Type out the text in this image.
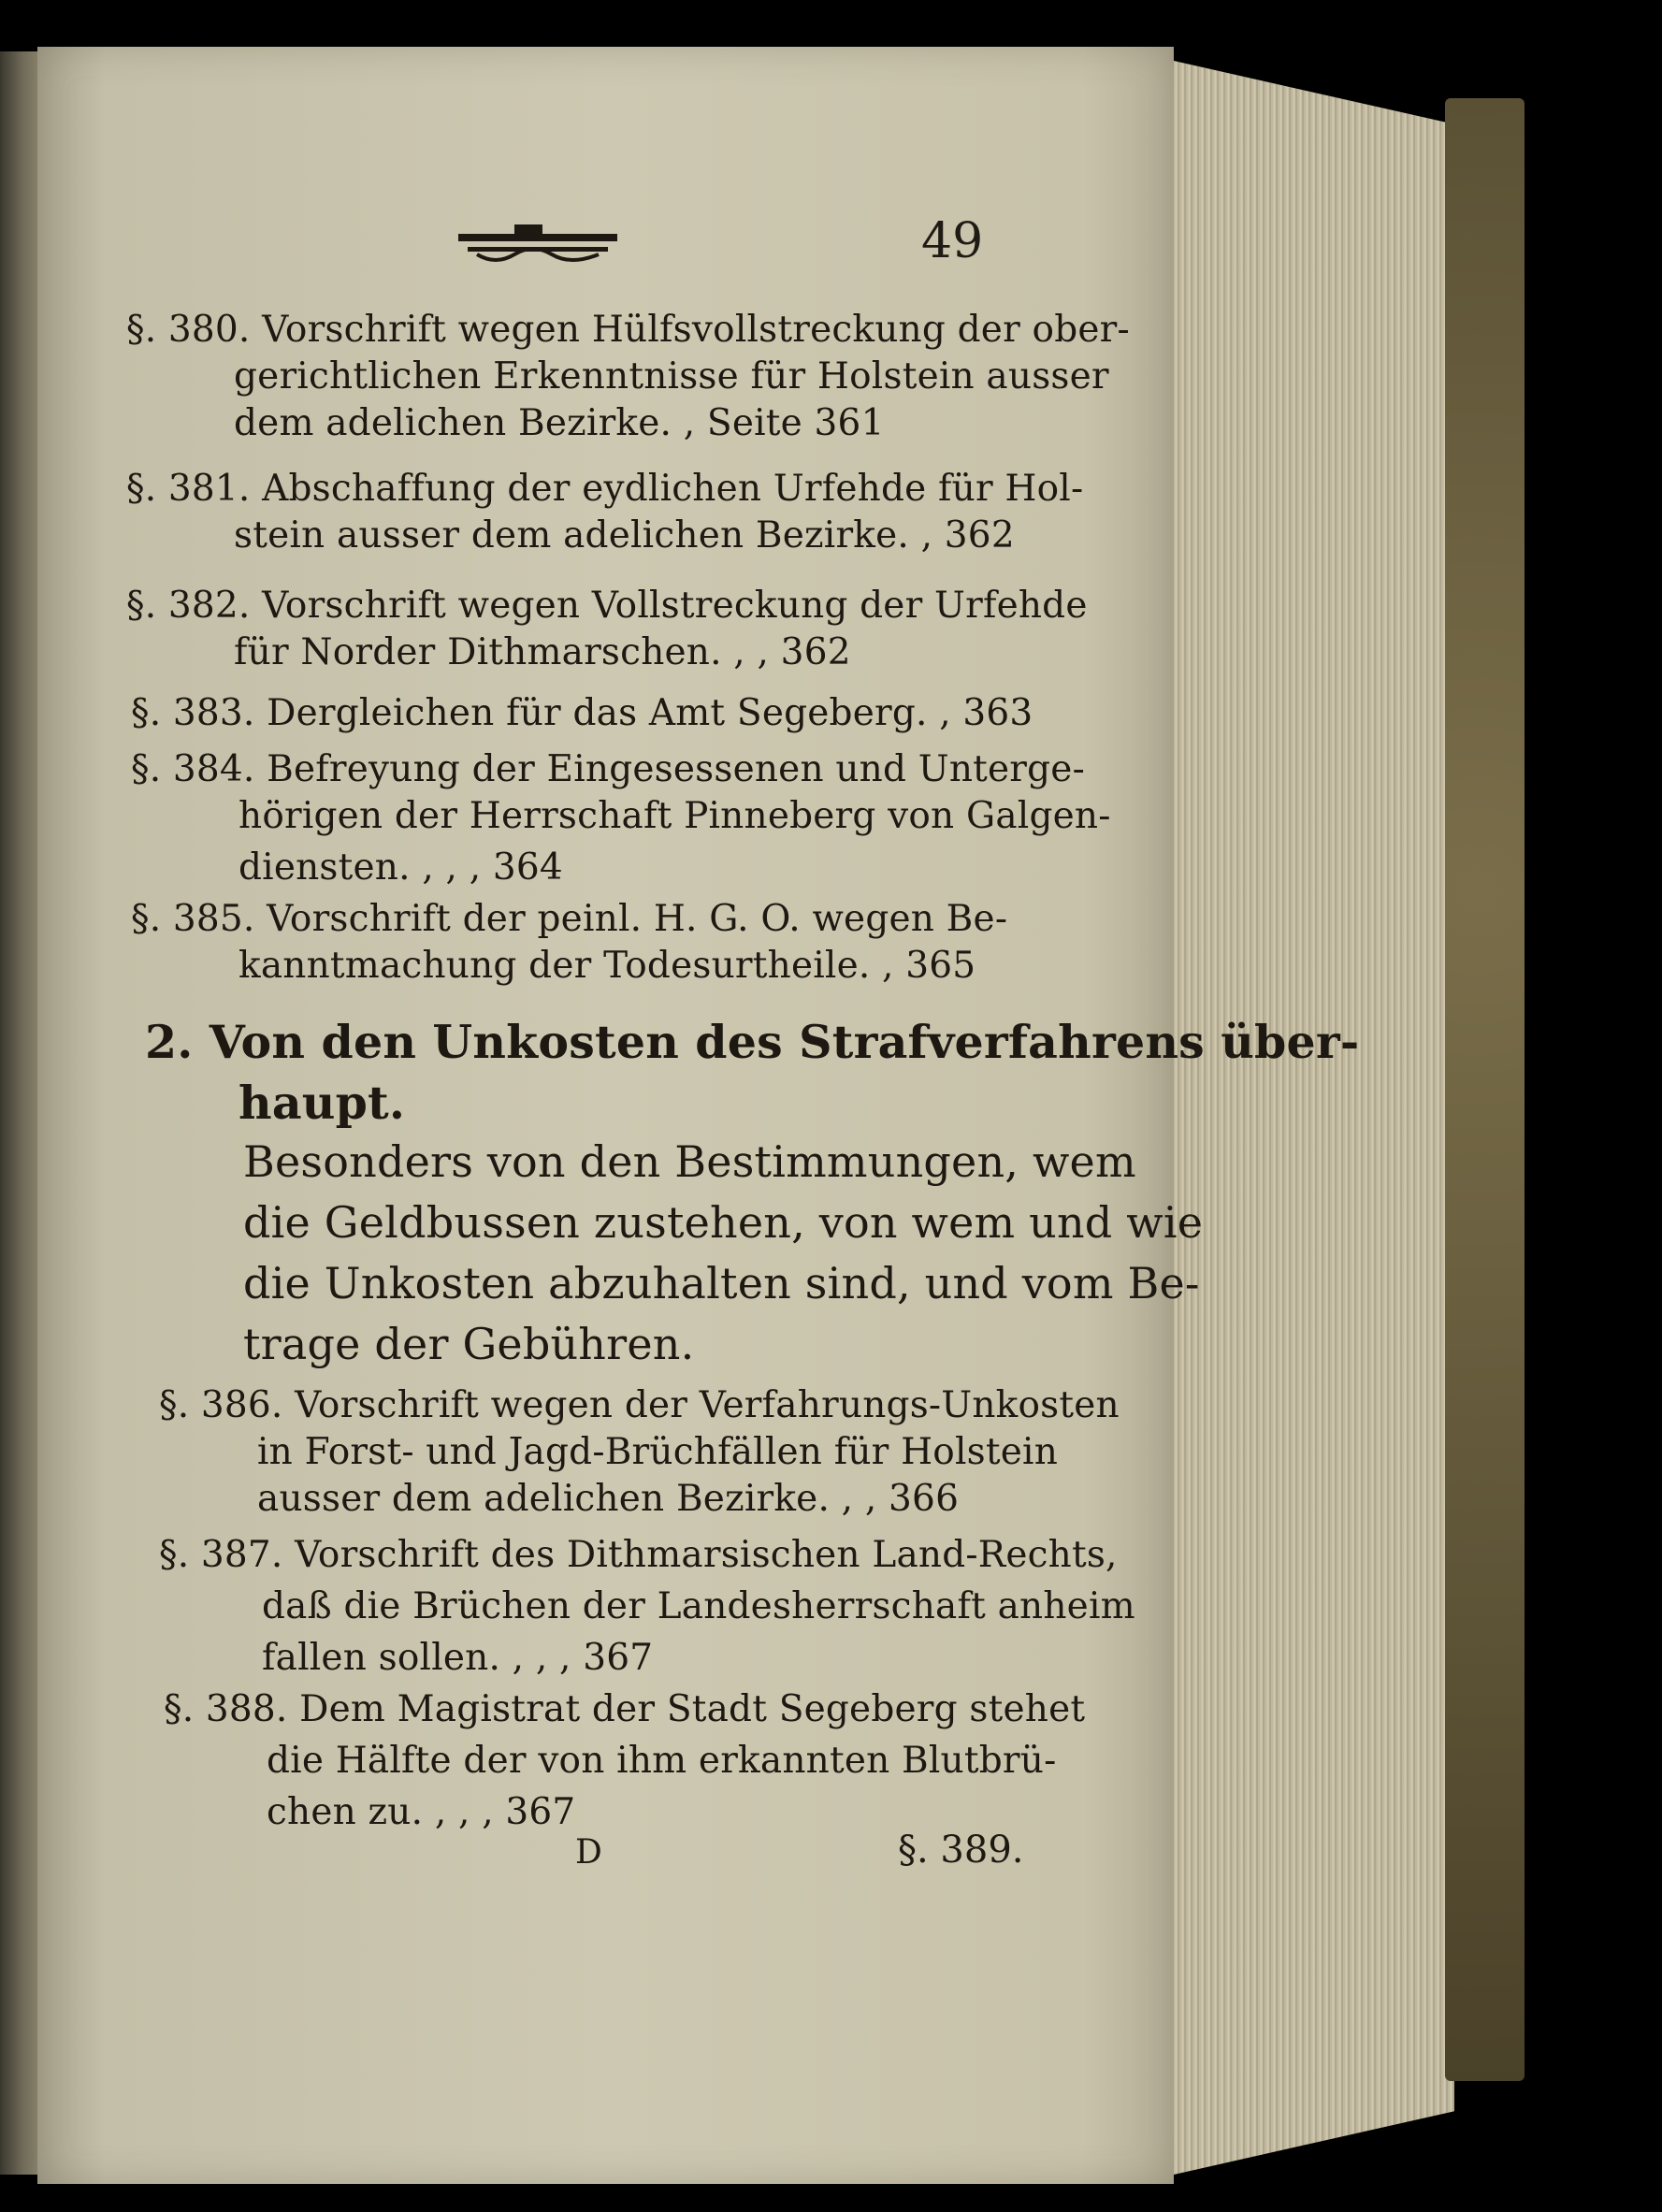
49
§. 380. Vorschrift wegen Hülfsvollstreckung der ober-
gerichtlichen Erkenntnisse für Holstein ausser
dem adelichen Bezirke. , Seite 361
§. 381. Abschaffung der eydlichen Urfehde für Hol-
stein ausser dem adelichen Bezirke. , 362
§. 382. Vorschrift wegen Vollstreckung der Urfehde
für Norder Dithmarschen. , , 362
§. 383. Dergleichen für das Amt Segeberg. , 363
§. 384. Befreyung der Eingesessenen und Unterge-
hörigen der Herrschaft Pinneberg von Galgen-
diensten. , , , 364
§. 385. Vorschrift der peinl. H. G. O. wegen Be-
kanntmachung der Todesurtheile. , 365
2. Von den Unkosten des Strafverfahrens über-
haupt.
Besonders von den Bestimmungen, wem
die Geldbussen zustehen, von wem und wie
die Unkosten abzuhalten sind, und vom Be-
trage der Gebühren.
§. 386. Vorschrift wegen der Verfahrungs-Unkosten
in Forst- und Jagd-Brüchfällen für Holstein
ausser dem adelichen Bezirke. , , 366
§. 387. Vorschrift des Dithmarsischen Land-Rechts,
daß die Brüchen der Landesherrschaft anheim
fallen sollen. , , , 367
§. 388. Dem Magistrat der Stadt Segeberg stehet
die Hälfte der von ihm erkannten Blutbrü-
chen zu. , , , 367
D	§. 389.
